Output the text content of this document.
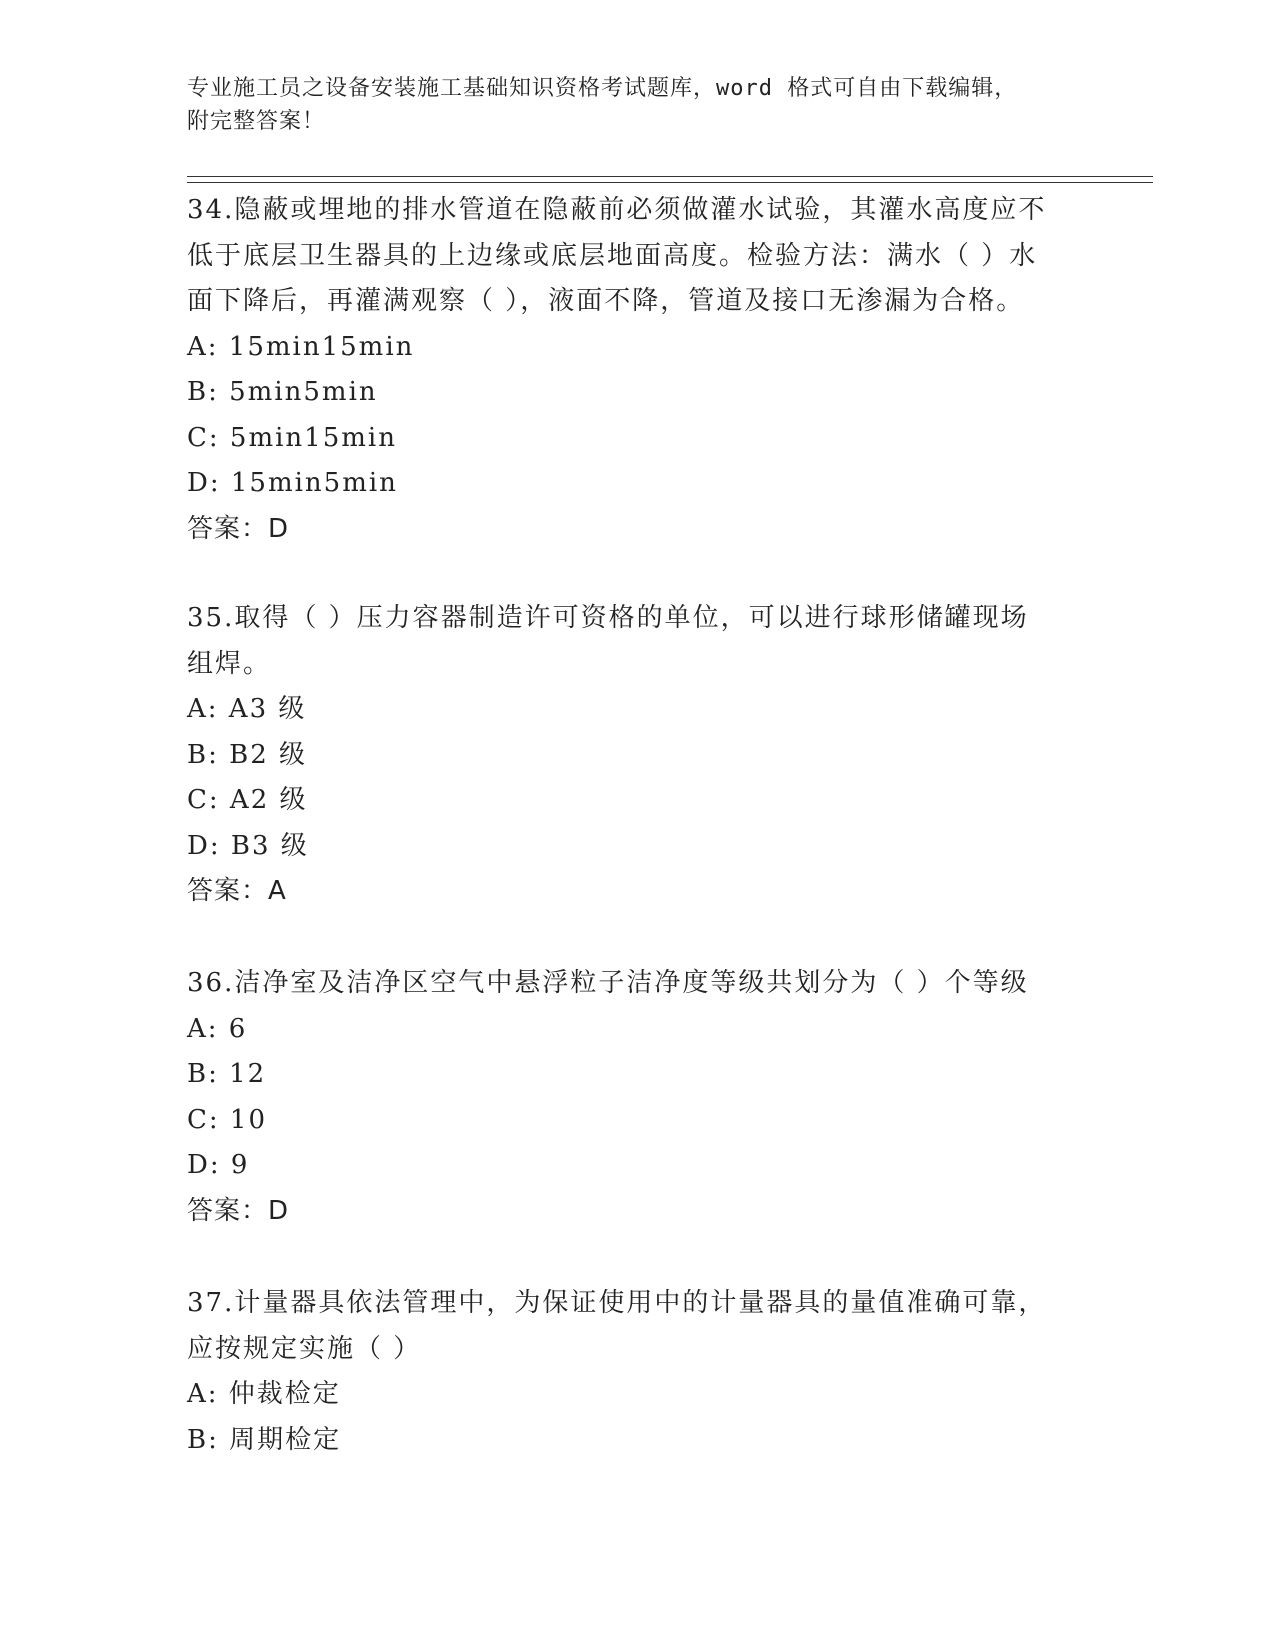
专业施工员之设备安装施工基础知识资格考试题库，word 格式可自由下载编辑，
附完整答案！
34.隐蔽或埋地的排水管道在隐蔽前必须做灌水试验，其灌水高度应不
低于底层卫生器具的上边缘或底层地面高度。检验方法：满水（ ）水
面下降后，再灌满观察（ ），液面不降，管道及接口无渗漏为合格。
A: 15min15min
B: 5min5min
C: 5min15min
D: 15min5min
答案：D
35.取得（ ）压力容器制造许可资格的单位，可以进行球形储罐现场
组焊。
A: A3 级
B: B2 级
C: A2 级
D: B3 级
答案：A
36.洁净室及洁净区空气中悬浮粒子洁净度等级共划分为（ ）个等级
A: 6
B: 12
C: 10
D: 9
答案：D
37.计量器具依法管理中，为保证使用中的计量器具的量值准确可靠，
应按规定实施（ ）
A: 仲裁检定
B: 周期检定
